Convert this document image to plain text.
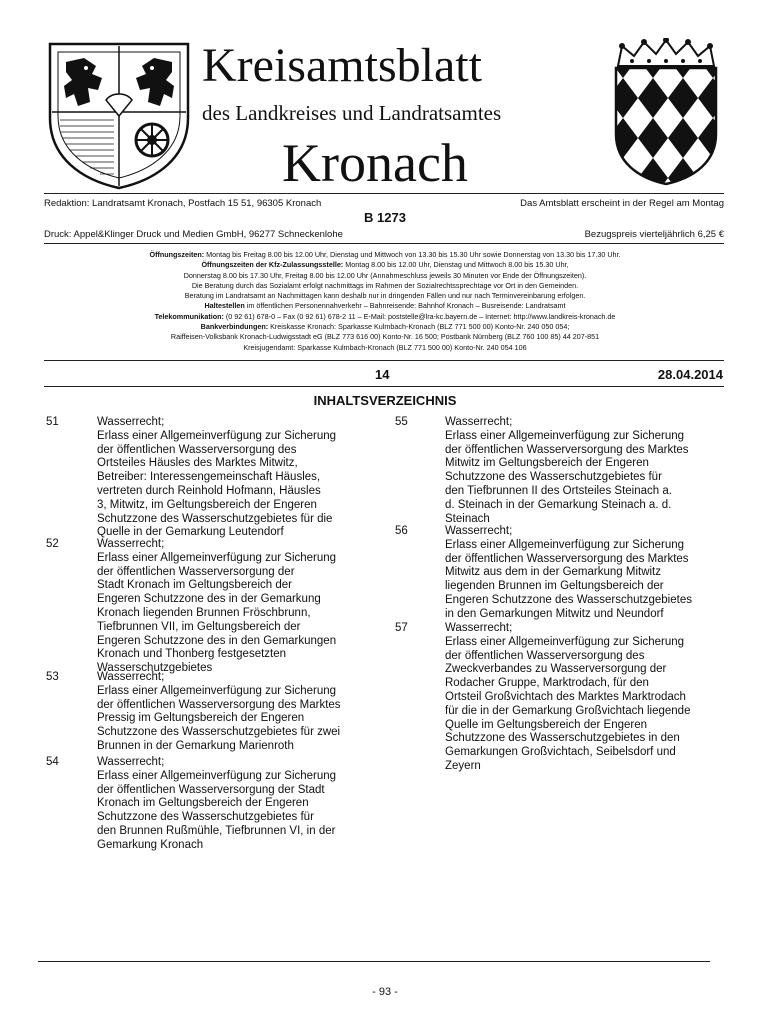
Kreisamtsblatt
des Landkreises und Landratsamtes
Kronach
Redaktion: Landratsamt Kronach, Postfach 15 51, 96305 Kronach	Das Amtsblatt erscheint in der Regel am Montag
B 1273
Druck: Appel&Klinger Druck und Medien GmbH, 96277 Schneckenlohe	Bezugspreis vierteljährlich 6,25 €
Öffnungszeiten: Montag bis Freitag 8.00 bis 12.00 Uhr, Dienstag und Mittwoch von 13.30 bis 15.30 Uhr sowie Donnerstag von 13.30 bis 17.30 Uhr.
Öffnungszeiten der Kfz-Zulassungsstelle: Montag 8.00 bis 12.00 Uhr, Dienstag und Mittwoch 8.00 bis 15.30 Uhr,
Donnerstag 8.00 bis 17.30 Uhr, Freitag 8.00 bis 12.00 Uhr (Annahmeschluss jeweils 30 Minuten vor Ende der Öffnungszeiten).
Die Beratung durch das Sozialamt erfolgt nachmittags im Rahmen der Sozialrechtssprechtage vor Ort in den Gemeinden.
Beratung im Landratsamt an Nachmittagen kann deshalb nur in dringenden Fällen und nur nach Terminvereinbarung erfolgen.
Haltestellen im öffentlichen Personennahverkehr – Bahnreisende: Bahnhof Kronach – Busreisende: Landratsamt
Telekommunikation: (0 92 61) 678-0 – Fax (0 92 61) 678-2 11 – E-Mail: poststelle@lra-kc.bayern.de – Internet: http://www.landkreis-kronach.de
Bankverbindungen: Kreiskasse Kronach: Sparkasse Kulmbach-Kronach (BLZ 771 500 00) Konto-Nr. 240 050 054;
Raiffeisen-Volksbank Kronach-Ludwigsstadt eG (BLZ 773 616 00) Konto-Nr. 16 500; Postbank Nürnberg (BLZ 760 100 85) 44 207-851
Kreisjugendamt: Sparkasse Kulmbach-Kronach (BLZ 771 500 00) Konto-Nr. 240 054 106
14	28.04.2014
INHALTSVERZEICHNIS
51	Wasserrecht;
Erlass einer Allgemeinverfügung zur Sicherung
der öffentlichen Wasserversorgung des
Ortsteiles Häusles des Marktes Mitwitz,
Betreiber: Interessengemeinschaft Häusles,
vertreten durch Reinhold Hofmann, Häusles
3, Mitwitz, im Geltungsbereich der Engeren
Schutzzone des Wasserschutzgebietes für die
Quelle in der Gemarkung Leutendorf
52	Wasserrecht;
Erlass einer Allgemeinverfügung zur Sicherung
der öffentlichen Wasserversorgung der
Stadt Kronach im Geltungsbereich der
Engeren Schutzzone des in der Gemarkung
Kronach liegenden Brunnen Fröschbrunn,
Tiefbrunnen VII, im Geltungsbereich der
Engeren Schutzzone des in den Gemarkungen
Kronach und Thonberg festgesetzten
Wasserschutzgebietes
53	Wasserrecht;
Erlass einer Allgemeinverfügung zur Sicherung
der öffentlichen Wasserversorgung des Marktes
Pressig im Geltungsbereich der Engeren
Schutzzone des Wasserschutzgebietes für zwei
Brunnen in der Gemarkung Marienroth
54	Wasserrecht;
Erlass einer Allgemeinverfügung zur Sicherung
der öffentlichen Wasserversorgung der Stadt
Kronach im Geltungsbereich der Engeren
Schutzzone des Wasserschutzgebietes für
den Brunnen Rußmühle, Tiefbrunnen VI, in der
Gemarkung Kronach
55	Wasserrecht;
Erlass einer Allgemeinverfügung zur Sicherung
der öffentlichen Wasserversorgung des Marktes
Mitwitz im Geltungsbereich der Engeren
Schutzzone des Wasserschutzgebietes für
den Tiefbrunnen II des Ortsteiles Steinach a.
d. Steinach in der Gemarkung Steinach a. d.
Steinach
56	Wasserrecht;
Erlass einer Allgemeinverfügung zur Sicherung
der öffentlichen Wasserversorgung des Marktes
Mitwitz aus dem in der Gemarkung Mitwitz
liegenden Brunnen im Geltungsbereich der
Engeren Schutzzone des Wasserschutzgebietes
in den Gemarkungen Mitwitz und Neundorf
57	Wasserrecht;
Erlass einer Allgemeinverfügung zur Sicherung
der öffentlichen Wasserversorgung des
Zweckverbandes zu Wasserversorgung der
Rodacher Gruppe, Marktrodach, für den
Ortsteil Großvichtach des Marktes Marktrodach
für die in der Gemarkung Großvichtach liegende
Quelle im Geltungsbereich der Engeren
Schutzzone des Wasserschutzgebietes in den
Gemarkungen Großvichtach, Seibelsdorf und
Zeyern
- 93 -
